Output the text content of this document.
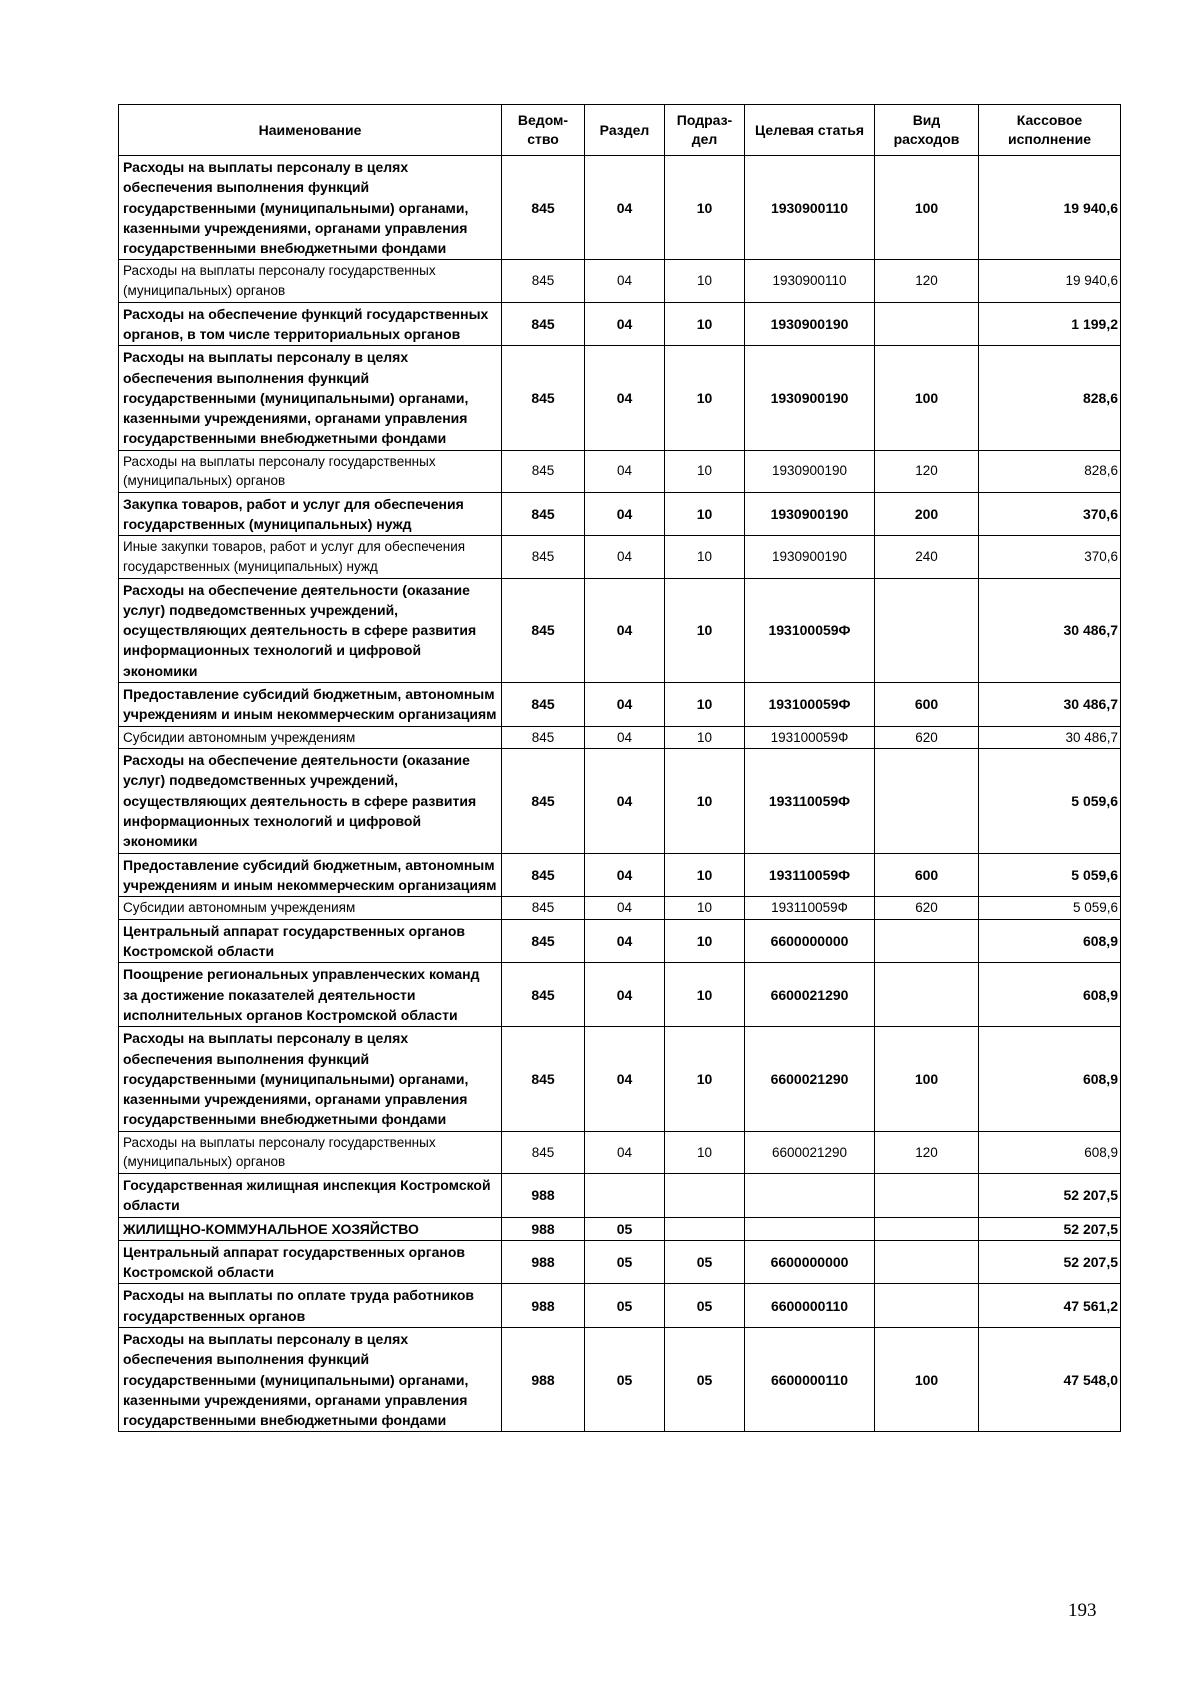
Наименование	Ведом-ство	Раздел	Подраз-дел	Целевая статья	Вид расходов	Кассовое исполнение
Расходы на выплаты персоналу в целях обеспечения выполнения функций государственными (муниципальными) органами, казенными учреждениями, органами управления государственными внебюджетными фондами	845	04	10	1930900110	100	19 940,6
Расходы на выплаты персоналу государственных (муниципальных) органов	845	04	10	1930900110	120	19 940,6
Расходы на обеспечение функций государственных органов, в том числе территориальных органов	845	04	10	1930900190		1 199,2
Расходы на выплаты персоналу в целях обеспечения выполнения функций государственными (муниципальными) органами, казенными учреждениями, органами управления государственными внебюджетными фондами	845	04	10	1930900190	100	828,6
Расходы на выплаты персоналу государственных (муниципальных) органов	845	04	10	1930900190	120	828,6
Закупка товаров, работ и услуг для обеспечения государственных (муниципальных) нужд	845	04	10	1930900190	200	370,6
Иные закупки товаров, работ и услуг для обеспечения государственных (муниципальных) нужд	845	04	10	1930900190	240	370,6
Расходы на обеспечение деятельности (оказание услуг) подведомственных учреждений, осуществляющих деятельность в сфере развития информационных технологий и цифровой экономики	845	04	10	193100059Ф		30 486,7
Предоставление субсидий бюджетным, автономным учреждениям и иным некоммерческим организациям	845	04	10	193100059Ф	600	30 486,7
Субсидии автономным учреждениям	845	04	10	193100059Ф	620	30 486,7
Расходы на обеспечение деятельности (оказание услуг) подведомственных учреждений, осуществляющих деятельность в сфере развития информационных технологий и цифровой экономики	845	04	10	193110059Ф		5 059,6
Предоставление субсидий бюджетным, автономным учреждениям и иным некоммерческим организациям	845	04	10	193110059Ф	600	5 059,6
Субсидии автономным учреждениям	845	04	10	193110059Ф	620	5 059,6
Центральный аппарат государственных органов Костромской области	845	04	10	6600000000		608,9
Поощрение региональных управленческих команд за достижение показателей деятельности исполнительных органов Костромской области	845	04	10	6600021290		608,9
Расходы на выплаты персоналу в целях обеспечения выполнения функций государственными (муниципальными) органами, казенными учреждениями, органами управления государственными внебюджетными фондами	845	04	10	6600021290	100	608,9
Расходы на выплаты персоналу государственных (муниципальных) органов	845	04	10	6600021290	120	608,9
Государственная жилищная инспекция Костромской области	988					52 207,5
ЖИЛИЩНО-КОММУНАЛЬНОЕ ХОЗЯЙСТВО	988	05				52 207,5
Центральный аппарат государственных органов Костромской области	988	05	05	6600000000		52 207,5
Расходы на выплаты по оплате труда работников государственных органов	988	05	05	6600000110		47 561,2
Расходы на выплаты персоналу в целях обеспечения выполнения функций государственными (муниципальными) органами, казенными учреждениями, органами управления государственными внебюджетными фондами	988	05	05	6600000110	100	47 548,0
193
